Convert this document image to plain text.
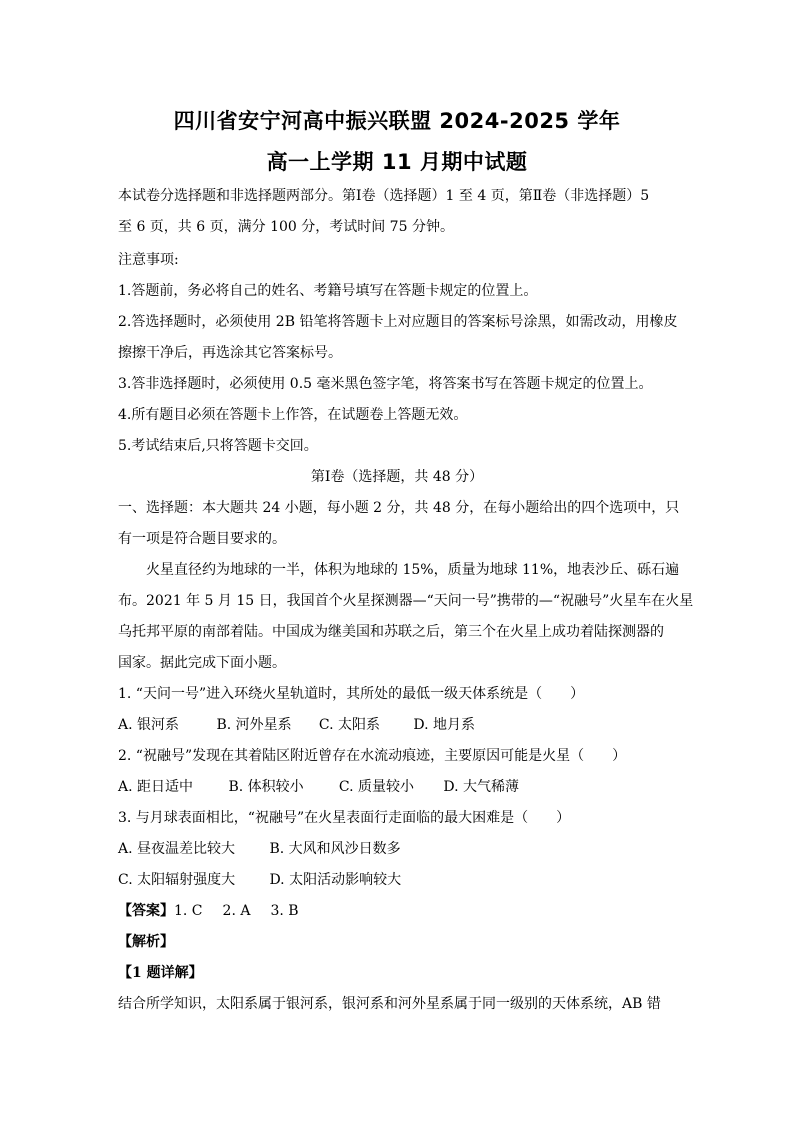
四川省安宁河高中振兴联盟 2024-2025 学年
高一上学期 11 月期中试题
本试卷分选择题和非选择题两部分。第Ⅰ卷（选择题）1 至 4 页，第Ⅱ卷（非选择题）5
至 6 页，共 6 页，满分 100 分，考试时间 75 分钟。
注意事项:
1.答题前，务必将自己的姓名、考籍号填写在答题卡规定的位置上。
2.答选择题时，必须使用 2B 铅笔将答题卡上对应题目的答案标号涂黑，如需改动，用橡皮
擦擦干净后，再选涂其它答案标号。
3.答非选择题时，必须使用 0.5 毫米黑色签字笔，将答案书写在答题卡规定的位置上。
4.所有题目必须在答题卡上作答，在试题卷上答题无效。
5.考试结束后,只将答题卡交回。
第Ⅰ卷（选择题，共 48 分）
一、选择题：本大题共 24 小题，每小题 2 分，共 48 分，在每小题给出的四个选项中，只
有一项是符合题目要求的。
火星直径约为地球的一半，体积为地球的 15%，质量为地球 11%，地表沙丘、砾石遍
布。2021 年 5 月 15 日，我国首个火星探测器—“天问一号”携带的—“祝融号”火星车在火星
乌托邦平原的南部着陆。中国成为继美国和苏联之后，第三个在火星上成功着陆探测器的
国家。据此完成下面小题。
1. “天问一号”进入环绕火星轨道时，其所处的最低一级天体系统是（　　）
A. 银河系	B. 河外星系 C. 太阳系 D. 地月系
2. “祝融号”发现在其着陆区附近曾存在水流动痕迹，主要原因可能是火星（　　）
A. 距日适中	B. 体积较小	C. 质量较小 D. 大气稀薄
3. 与月球表面相比，“祝融号”在火星表面行走面临的最大困难是（　　）
A. 昼夜温差比较大 B. 大风和风沙日数多
C. 太阳辐射强度大 D. 太阳活动影响较大
【答案】1. C 2. A 3. B
【解析】
【1 题详解】
结合所学知识，太阳系属于银河系，银河系和河外星系属于同一级别的天体系统，AB 错
